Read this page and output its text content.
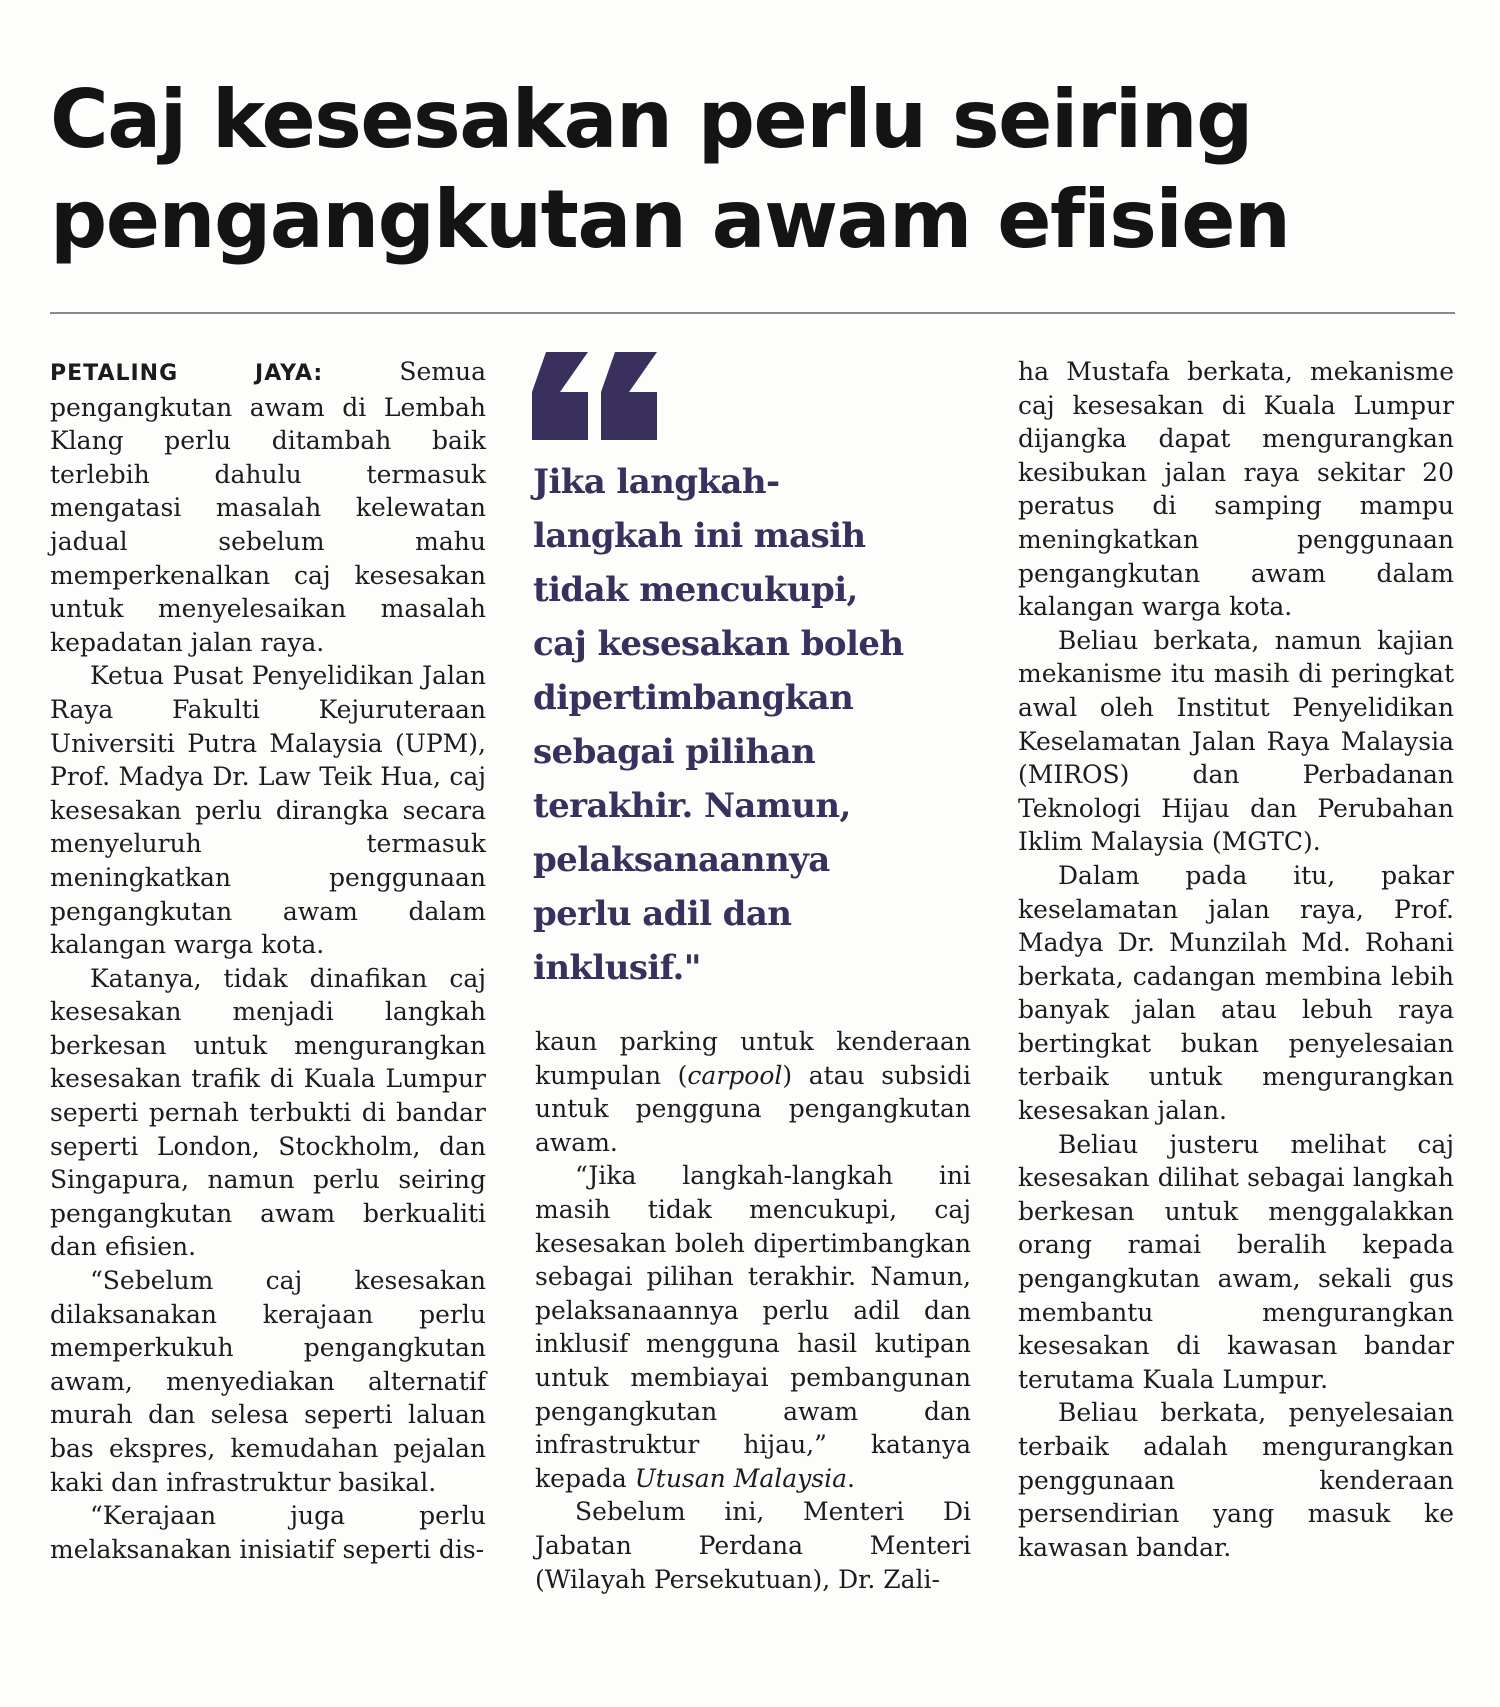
Caj kesesakan perlu seiring
pengangkutan awam efisien

PETALING JAYA:	Semua pengangkutan awam di Lembah Klang perlu ditambah baik terlebih dahulu termasuk mengatasi masalah kelewatan jadual sebelum mahu memperkenalkan caj kesesakan untuk menyelesaikan masalah kepadatan jalan raya.

Ketua Pusat Penyelidikan Jalan Raya Fakulti Kejuruteraan Universiti Putra Malaysia (UPM), Prof. Madya Dr. Law Teik Hua, caj kesesakan perlu dirangka secara menyeluruh termasuk meningkatkan penggunaan pengangkutan awam dalam kalangan warga kota.

Katanya, tidak dinafikan caj kesesakan menjadi langkah berkesan untuk mengurangkan kesesakan trafik di Kuala Lumpur seperti pernah terbukti di bandar seperti London, Stockholm, dan Singapura, namun perlu seiring pengangkutan awam berkualiti dan efisien.

“Sebelum caj kesesakan dilaksanakan kerajaan perlu memperkukuh pengangkutan awam, menyediakan alternatif murah dan selesa seperti laluan bas ekspres, kemudahan pejalan kaki dan infrastruktur basikal.

“Kerajaan juga perlu melaksanakan inisiatif seperti dis-

Jika langkah-
langkah ini masih
tidak mencukupi,
caj kesesakan boleh
dipertimbangkan
sebagai pilihan
terakhir. Namun,
pelaksanaannya
perlu adil dan
inklusif."

kaun parking untuk kenderaan kumpulan (carpool) atau subsidi untuk pengguna pengangkutan awam.

“Jika langkah-langkah ini masih tidak mencukupi, caj kesesakan boleh dipertimbangkan sebagai pilihan terakhir. Namun, pelaksanaannya perlu adil dan inklusif mengguna hasil kutipan untuk membiayai pembangunan pengangkutan awam dan infrastruktur hijau,” katanya kepada Utusan Malaysia.

Sebelum ini, Menteri Di Jabatan Perdana Menteri (Wilayah Persekutuan), Dr. Zali-

ha Mustafa berkata, mekanisme caj kesesakan di Kuala Lumpur dijangka dapat mengurangkan kesibukan jalan raya sekitar 20 peratus di samping mampu meningkatkan penggunaan pengangkutan awam dalam kalangan warga kota.

Beliau berkata, namun kajian mekanisme itu masih di peringkat awal oleh Institut Penyelidikan Keselamatan Jalan Raya Malaysia (MIROS) dan Perbadanan Teknologi Hijau dan Perubahan Iklim Malaysia (MGTC).

Dalam pada itu, pakar keselamatan jalan raya, Prof. Madya Dr. Munzilah Md. Rohani berkata, cadangan membina lebih banyak jalan atau lebuh raya bertingkat bukan penyelesaian terbaik untuk mengurangkan kesesakan jalan.

Beliau justeru melihat caj kesesakan dilihat sebagai langkah berkesan untuk menggalakkan orang ramai beralih kepada pengangkutan awam, sekali gus membantu mengurangkan kesesakan di kawasan bandar terutama Kuala Lumpur.

Beliau berkata, penyelesaian terbaik adalah mengurangkan penggunaan kenderaan persendirian yang masuk ke kawasan bandar.
